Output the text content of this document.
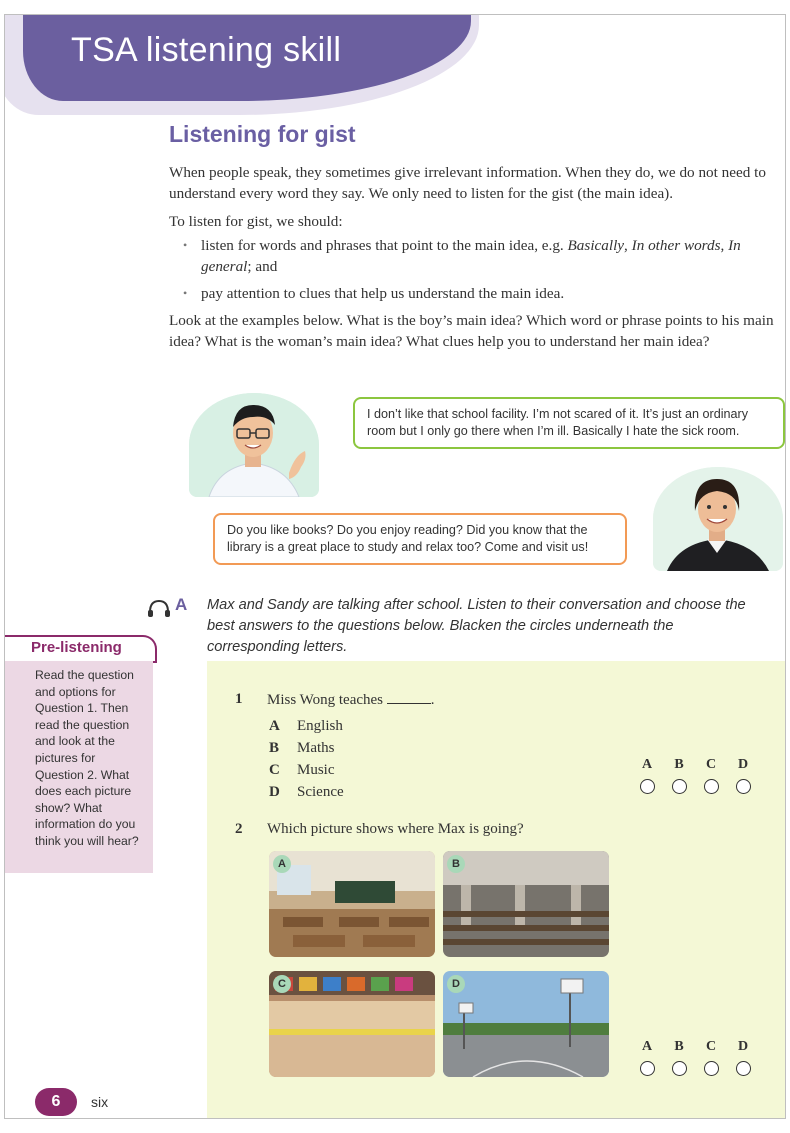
TSA listening skill
Listening for gist
When people speak, they sometimes give irrelevant information. When they do, we do not need to understand every word they say. We only need to listen for the gist (the main idea).
To listen for gist, we should:
• listen for words and phrases that point to the main idea, e.g. Basically, In other words, In general; and
• pay attention to clues that help us understand the main idea.
Look at the examples below. What is the boy’s main idea? Which word or phrase points to his main idea? What is the woman’s main idea? What clues help you to understand her main idea?
I don’t like that school facility. I’m not scared of it. It’s just an ordinary room but I only go there when I’m ill. Basically I hate the sick room.
Do you like books? Do you enjoy reading? Did you know that the library is a great place to study and relax too? Come and visit us!
A Max and Sandy are talking after school. Listen to their conversation and choose the best answers to the questions below. Blacken the circles underneath the corresponding letters.
Pre-listening
Read the question and options for Question 1. Then read the question and look at the pictures for Question 2. What does each picture show? What information do you think you will hear?
1 Miss Wong teaches	.
A English
B Maths
C Music
D Science
A	B	C	D
2 Which picture shows where Max is going?
A	B
C	D
A	B	C	D
6	six
